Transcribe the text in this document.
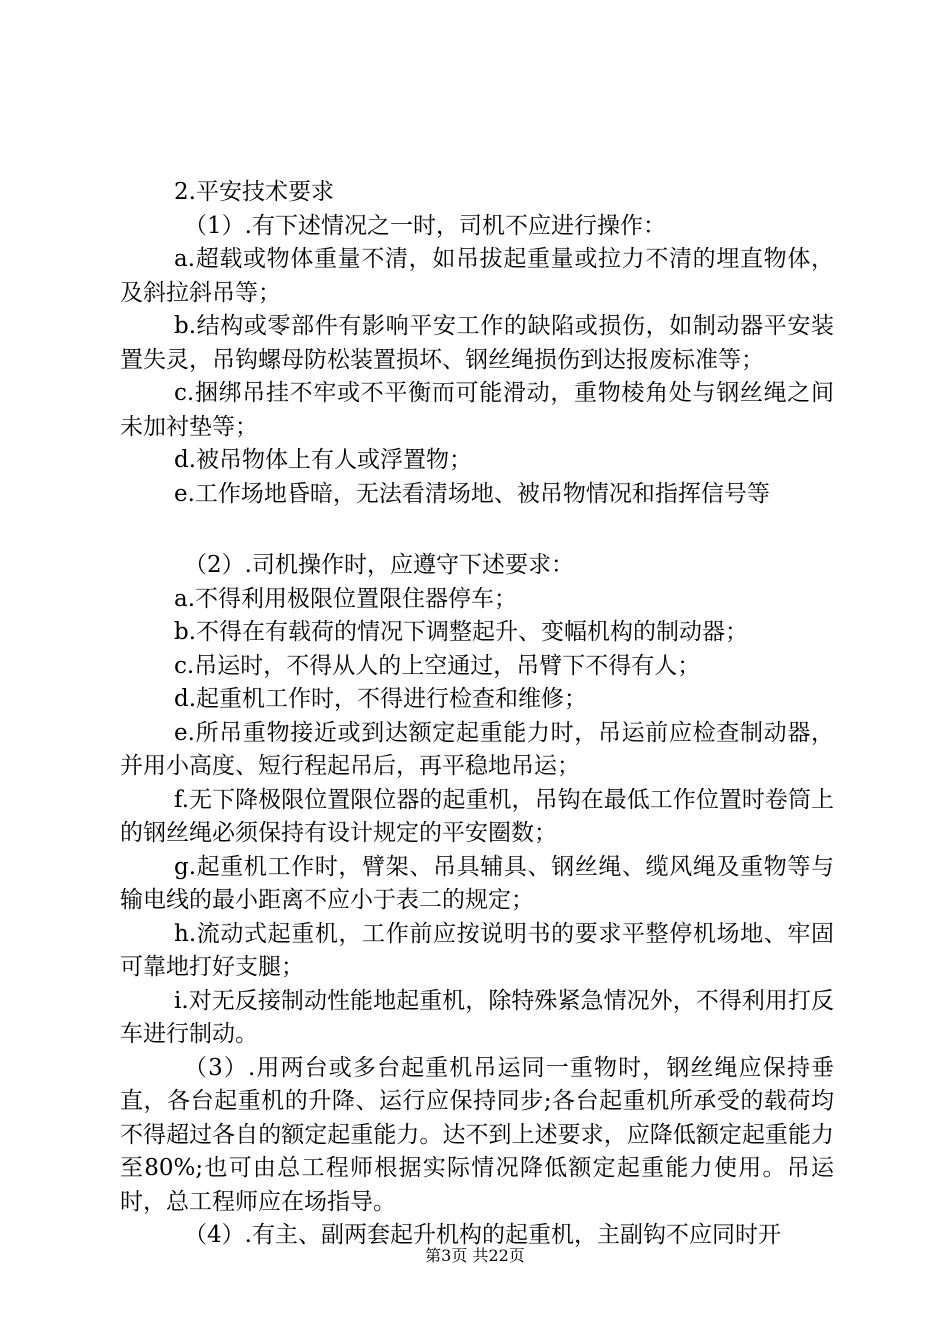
2.平安技术要求

（1）.有下述情况之一时，司机不应进行操作：

a.超载或物体重量不清，如吊拔起重量或拉力不清的埋直物体，及斜拉斜吊等；

b.结构或零部件有影响平安工作的缺陷或损伤，如制动器平安装置失灵，吊钩螺母防松装置损坏、钢丝绳损伤到达报废标准等；

c.捆绑吊挂不牢或不平衡而可能滑动，重物棱角处与钢丝绳之间未加衬垫等；

d.被吊物体上有人或浮置物；

e.工作场地昏暗，无法看清场地、被吊物情况和指挥信号等

（2）.司机操作时，应遵守下述要求：

a.不得利用极限位置限住器停车；

b.不得在有载荷的情况下调整起升、变幅机构的制动器；

c.吊运时，不得从人的上空通过，吊臂下不得有人；

d.起重机工作时，不得进行检查和维修；

e.所吊重物接近或到达额定起重能力时，吊运前应检查制动器，并用小高度、短行程起吊后，再平稳地吊运；

f.无下降极限位置限位器的起重机，吊钩在最低工作位置时卷筒上的钢丝绳必须保持有设计规定的平安圈数；

g.起重机工作时，臂架、吊具辅具、钢丝绳、缆风绳及重物等与输电线的最小距离不应小于表二的规定；

h.流动式起重机，工作前应按说明书的要求平整停机场地、牢固可靠地打好支腿；

i.对无反接制动性能地起重机，除特殊紧急情况外，不得利用打反车进行制动。

（3）.用两台或多台起重机吊运同一重物时，钢丝绳应保持垂直，各台起重机的升降、运行应保持同步;各台起重机所承受的载荷均不得超过各自的额定起重能力。达不到上述要求，应降低额定起重能力至80%;也可由总工程师根据实际情况降低额定起重能力使用。吊运时，总工程师应在场指导。

（4）.有主、副两套起升机构的起重机，主副钩不应同时开

第3页 共22页
